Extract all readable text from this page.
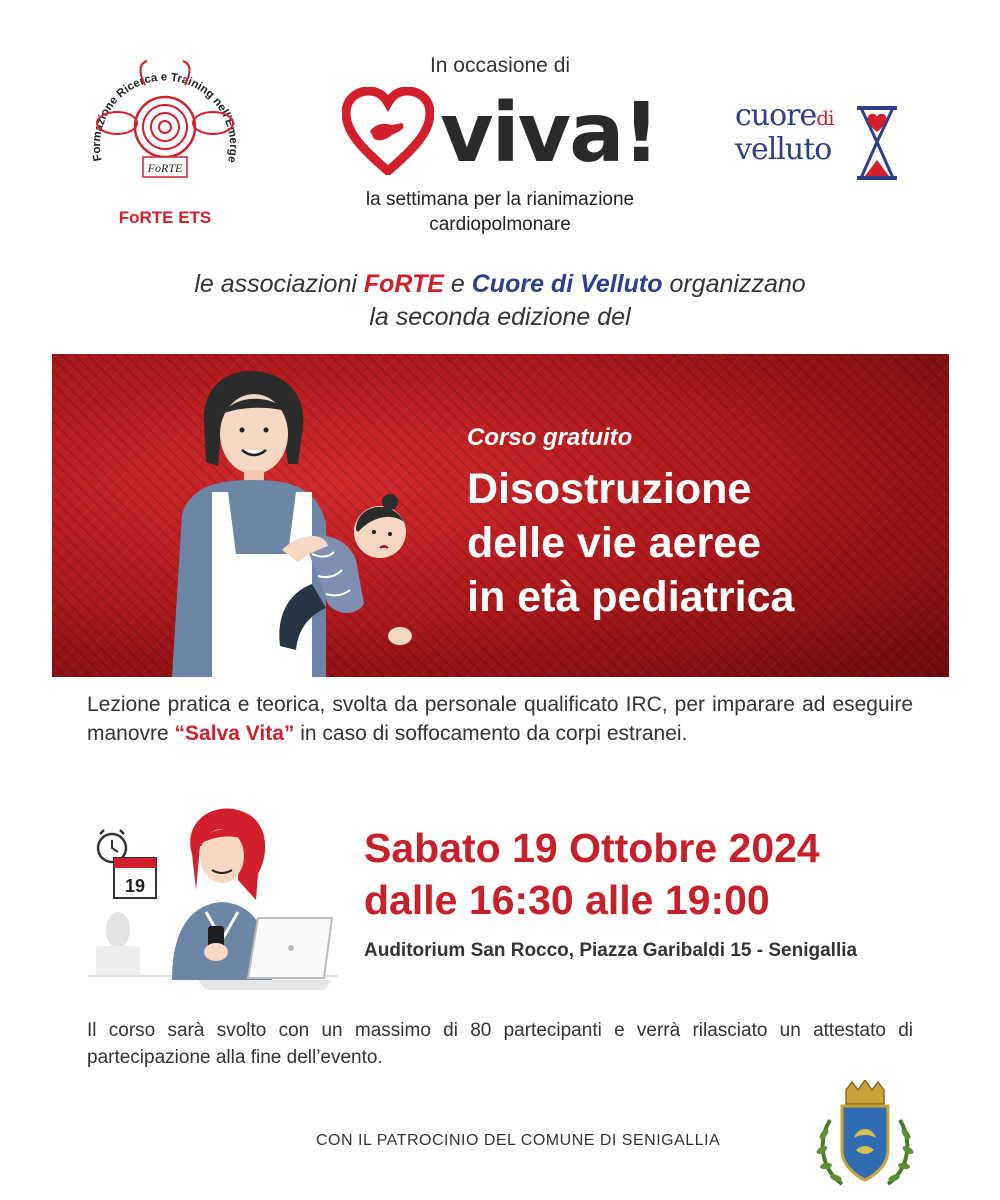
Formazione Ricerca e Training nell'Emerge
FoRTE
FoRTE ETS
In occasione di
viva!
la settimana per la rianimazione
cardiopolmonare
cuoredi
velluto
le associazioni FoRTE e Cuore di Velluto organizzano
la seconda edizione del
Corso gratuito
Disostruzione
delle vie aeree
in età pediatrica
Lezione pratica e teorica, svolta da personale qualificato IRC, per imparare ad eseguire manovre “Salva Vita” in caso di soffocamento da corpi estranei.
19
Sabato 19 Ottobre 2024
dalle 16:30 alle 19:00
Auditorium San Rocco, Piazza Garibaldi 15 - Senigallia
Il corso sarà svolto con un massimo di 80 partecipanti e verrà rilasciato un attestato di partecipazione alla fine dell’evento.
CON IL PATROCINIO DEL COMUNE DI SENIGALLIA
